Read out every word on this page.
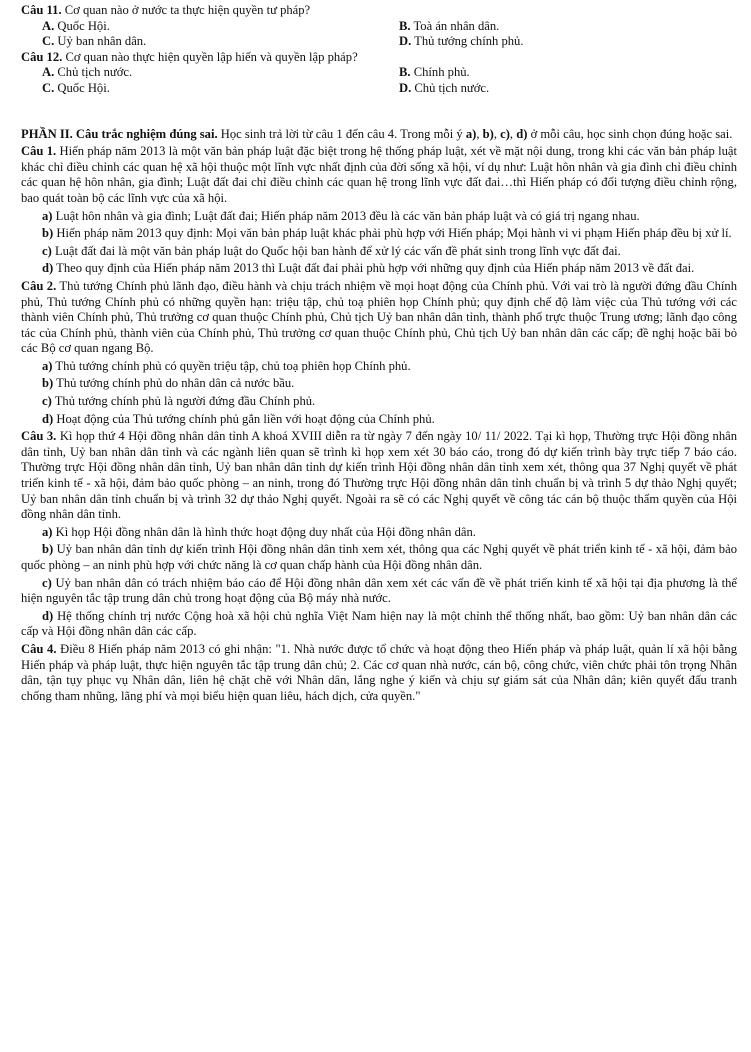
Câu 11. Cơ quan nào ở nước ta thực hiện quyền tư pháp?

A. Quốc Hội.	B. Toà án nhân dân.
C. Uỷ ban nhân dân.	D. Thủ tướng chính phủ.

Câu 12. Cơ quan nào thực hiện quyền lập hiến và quyền lập pháp?

A. Chủ tịch nước.	B. Chính phủ.
C. Quốc Hội.	D. Chủ tịch nước.

PHẦN II. Câu trắc nghiệm đúng sai. Học sinh trả lời từ câu 1 đến câu 4. Trong mỗi ý a), b), c), d) ở mỗi câu, học sinh chọn đúng hoặc sai.

Câu 1. Hiến pháp năm 2013 là một văn bản pháp luật đặc biệt trong hệ thống pháp luật, xét về mặt nội dung, trong khi các văn bản pháp luật khác chỉ điều chỉnh các quan hệ xã hội thuộc một lĩnh vực nhất định của đời sống xã hội, ví dụ như: Luật hôn nhân và gia đình chỉ điều chỉnh các quan hệ hôn nhân, gia đình; Luật đất đai chỉ điều chỉnh các quan hệ trong lĩnh vực đất đai…thì Hiến pháp có đối tượng điều chỉnh rộng, bao quát toàn bộ các lĩnh vực của xã hội.

a) Luật hôn nhân và gia đình; Luật đất đai; Hiến pháp năm 2013 đều là các văn bản pháp luật và có giá trị ngang nhau.

b) Hiến pháp năm 2013 quy định: Mọi văn bản pháp luật khác phải phù hợp với Hiến pháp; Mọi hành vi vi phạm Hiến pháp đều bị xử lí.

c) Luật đất đai là một văn bản pháp luật do Quốc hội ban hành để xử lý các vấn đề phát sinh trong lĩnh vực đất đai.

d) Theo quy định của Hiến pháp năm 2013 thì Luật đất đai phải phù hợp với những quy định của Hiến pháp năm 2013 về đất đai.

Câu 2. Thủ tướng Chính phủ lãnh đạo, điều hành và chịu trách nhiệm về mọi hoạt động của Chính phủ. Với vai trò là người đứng đầu Chính phủ, Thủ tướng Chính phủ có những quyền hạn: triệu tập, chủ toạ phiên họp Chính phủ; quy định chế độ làm việc của Thủ tướng với các thành viên Chính phủ, Thủ trưởng cơ quan thuộc Chính phủ, Chủ tịch Uỷ ban nhân dân tỉnh, thành phố trực thuộc Trung ương; lãnh đạo công tác của Chính phủ, thành viên của Chính phủ, Thủ trưởng cơ quan thuộc Chính phủ, Chủ tịch Uỷ ban nhân dân các cấp; đề nghị hoặc bãi bỏ các Bộ cơ quan ngang Bộ.

a) Thủ tướng chính phủ có quyền triệu tập, chủ toạ phiên họp Chính phủ.

b) Thủ tướng chính phủ do nhân dân cả nước bầu.

c) Thủ tướng chính phủ là người đứng đầu Chính phủ.

d) Hoạt động của Thủ tướng chính phủ gắn liền với hoạt động của Chính phủ.

Câu 3. Kì họp thứ 4 Hội đồng nhân dân tỉnh A khoá XVIII diễn ra từ ngày 7 đến ngày 10/ 11/ 2022. Tại kì họp, Thường trực Hội đồng nhân dân tỉnh, Uỷ ban nhân dân tỉnh và các ngành liên quan sẽ trình kì họp xem xét 30 báo cáo, trong đó dự kiến trình bày trực tiếp 7 báo cáo. Thường trực Hội đồng nhân dân tỉnh, Uỷ ban nhân dân tỉnh dự kiến trình Hội đồng nhân dân tỉnh xem xét, thông qua 37 Nghị quyết về phát triển kinh tế - xã hội, đảm bảo quốc phòng – an ninh, trong đó Thường trực Hội đồng nhân dân tỉnh chuẩn bị và trình 5 dự thảo Nghị quyết; Uỷ ban nhân dân tỉnh chuẩn bị và trình 32 dự thảo Nghị quyết. Ngoài ra sẽ có các Nghị quyết về công tác cán bộ thuộc thẩm quyền của Hội đồng nhân dân tỉnh.

a) Kì họp Hội đồng nhân dân là hình thức hoạt động duy nhất của Hội đồng nhân dân.

b) Uỷ ban nhân dân tỉnh dự kiến trình Hội đồng nhân dân tỉnh xem xét, thông qua các Nghị quyết về phát triển kinh tế - xã hội, đảm bảo quốc phòng – an ninh phù hợp với chức năng là cơ quan chấp hành của Hội đồng nhân dân.

c) Uỷ ban nhân dân có trách nhiệm báo cáo để Hội đồng nhân dân xem xét các vấn đề về phát triển kinh tế xã hội tại địa phương là thể hiện nguyên tắc tập trung dân chủ trong hoạt động của Bộ máy nhà nước.

d) Hệ thống chính trị nước Cộng hoà xã hội chủ nghĩa Việt Nam hiện nay là một chỉnh thể thống nhất, bao gồm: Uỷ ban nhân dân các cấp và Hội đồng nhân dân các cấp.

Câu 4. Điều 8 Hiến pháp năm 2013 có ghi nhận: "1. Nhà nước được tổ chức và hoạt động theo Hiến pháp và pháp luật, quản lí xã hội bằng Hiến pháp và pháp luật, thực hiện nguyên tắc tập trung dân chủ; 2. Các cơ quan nhà nước, cán bộ, công chức, viên chức phải tôn trọng Nhân dân, tận tụy phục vụ Nhân dân, liên hệ chặt chẽ với Nhân dân, lắng nghe ý kiến và chịu sự giám sát của Nhân dân; kiên quyết đấu tranh chống tham nhũng, lãng phí và mọi biểu hiện quan liêu, hách dịch, cửa quyền."
